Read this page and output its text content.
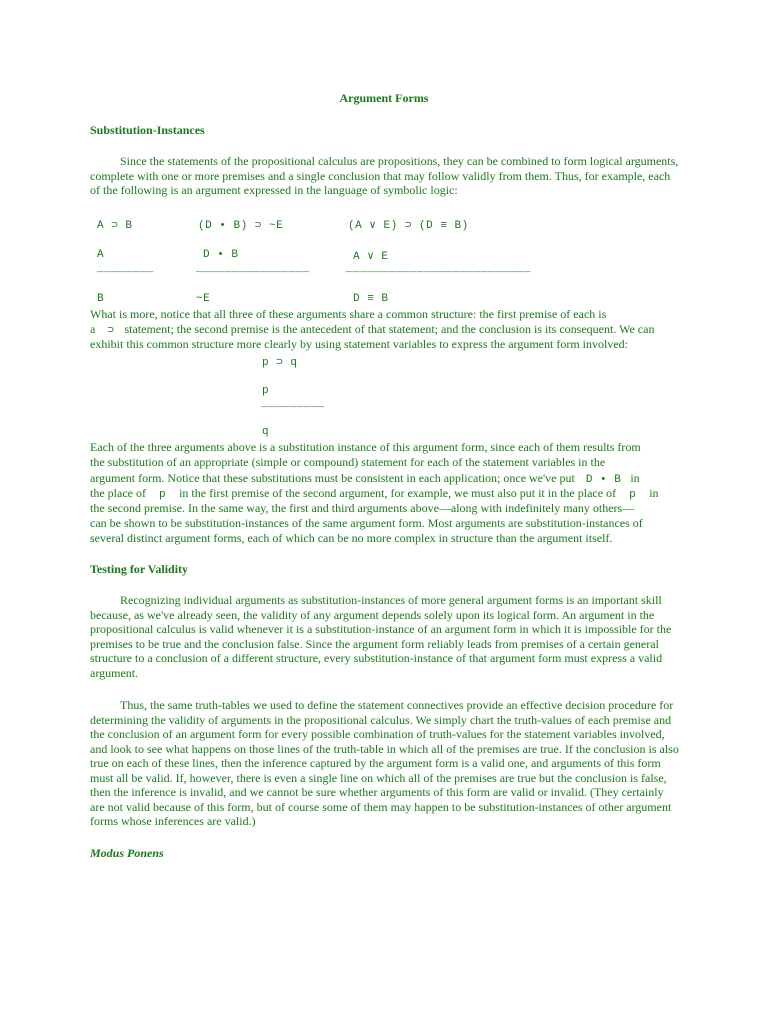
Argument Forms
Substitution-Instances

Since the statements of the propositional calculus are propositions, they can be combined to form logical arguments, complete with one or more premises and a single conclusion that may follow validly from them. Thus, for example, each of the following is an argument expressed in the language of symbolic logic:

A ⊃ B
A
________
B
(D • B) ⊃ ~E
D • B
________________
~E
(A ∨ E) ⊃ (D ≡ B)
A ∨ E
__________________________
D ≡ B
What is more, notice that all three of these arguments share a common structure: the first premise of each is
a ⊃ statement; the second premise is the antecedent of that statement; and the conclusion is its consequent. We can
exhibit this common structure more clearly by using statement variables to express the argument form involved:
p ⊃ q
p
_________
q
Each of the three arguments above is a substitution instance of this argument form, since each of them results from
the substitution of an appropriate (simple or compound) statement for each of the statement variables in the
argument form. Notice that these substitutions must be consistent in each application; once we've put D • B in
the place of p in the first premise of the second argument, for example, we must also put it in the place of p in
the second premise. In the same way, the first and third arguments above—along with indefinitely many others—
can be shown to be substitution-instances of the same argument form. Most arguments are substitution-instances of
several distinct argument forms, each of which can be no more complex in structure than the argument itself.
Testing for Validity

Recognizing individual arguments as substitution-instances of more general argument forms is an important skill because, as we've already seen, the validity of any argument depends solely upon its logical form. An argument in the propositional calculus is valid whenever it is a substitution-instance of an argument form in which it is impossible for the premises to be true and the conclusion false. Since the argument form reliably leads from premises of a certain general structure to a conclusion of a different structure, every substitution-instance of that argument form must express a valid argument.

Thus, the same truth-tables we used to define the statement connectives provide an effective decision procedure for determining the validity of arguments in the propositional calculus. We simply chart the truth-values of each premise and the conclusion of an argument form for every possible combination of truth-values for the statement variables involved, and look to see what happens on those lines of the truth-table in which all of the premises are true. If the conclusion is also true on each of these lines, then the inference captured by the argument form is a valid one, and arguments of this form must all be valid. If, however, there is even a single line on which all of the premises are true but the conclusion is false, then the inference is invalid, and we cannot be sure whether arguments of this form are valid or invalid. (They certainly are not valid because of this form, but of course some of them may happen to be substitution-instances of other argument forms whose inferences are valid.)

Modus Ponens
